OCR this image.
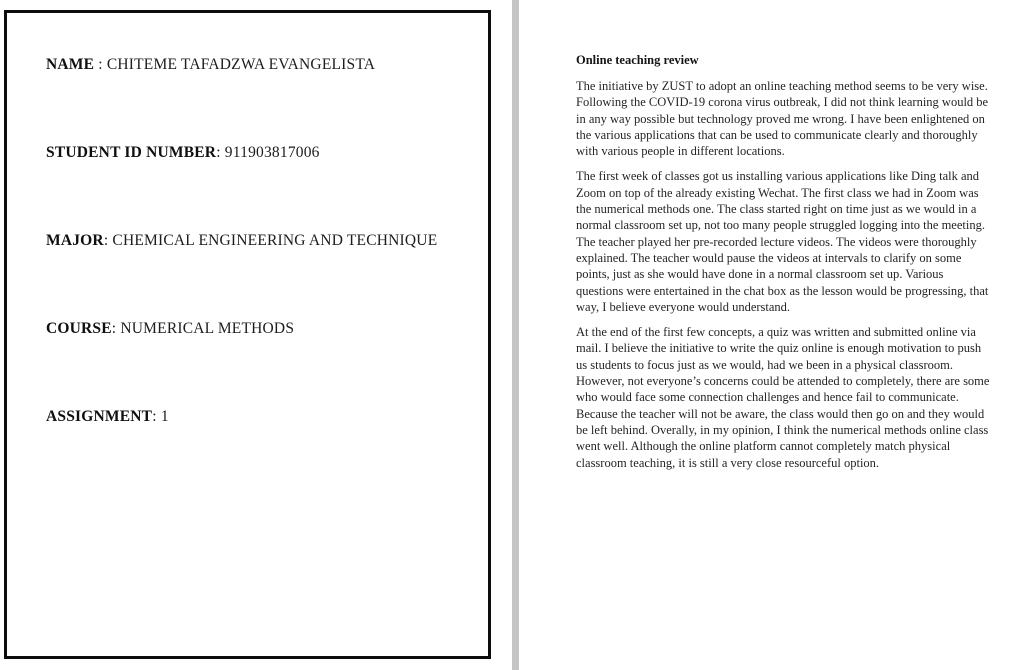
NAME : CHITEME TAFADZWA EVANGELISTA
STUDENT ID NUMBER: 911903817006
MAJOR: CHEMICAL ENGINEERING AND TECHNIQUE
COURSE: NUMERICAL METHODS
ASSIGNMENT: 1
Online teaching review

The initiative by ZUST to adopt an online teaching method seems to be very wise. Following the COVID-19 corona virus outbreak, I did not think learning would be in any way possible but technology proved me wrong. I have been enlightened on the various applications that can be used to communicate clearly and thoroughly with various people in different locations.

The first week of classes got us installing various applications like Ding talk and Zoom on top of the already existing Wechat. The first class we had in Zoom was the numerical methods one. The class started right on time just as we would in a normal classroom set up, not too many people struggled logging into the meeting. The teacher played her pre-recorded lecture videos. The videos were thoroughly explained. The teacher would pause the videos at intervals to clarify on some points, just as she would have done in a normal classroom set up. Various questions were entertained in the chat box as the lesson would be progressing, that way, I believe everyone would understand.

At the end of the first few concepts, a quiz was written and submitted online via mail. I believe the initiative to write the quiz online is enough motivation to push us students to focus just as we would, had we been in a physical classroom. However, not everyone’s concerns could be attended to completely, there are some who would face some connection challenges and hence fail to communicate. Because the teacher will not be aware, the class would then go on and they would be left behind. Overally, in my opinion, I think the numerical methods online class went well. Although the online platform cannot completely match physical classroom teaching, it is still a very close resourceful option.
